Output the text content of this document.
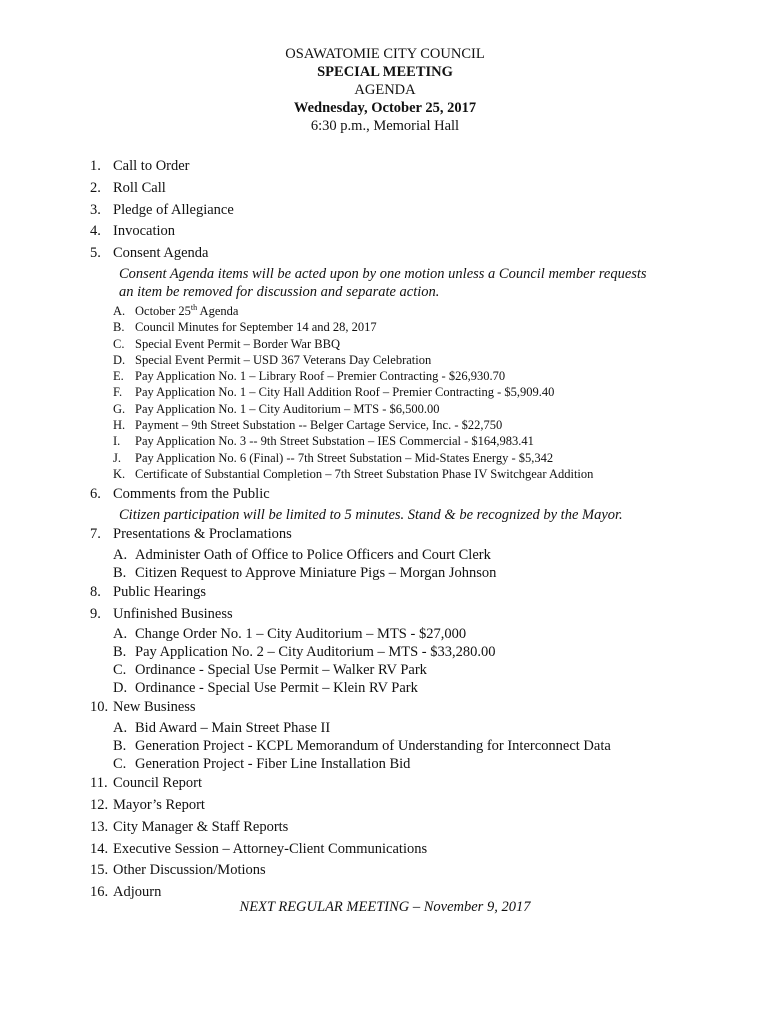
OSAWATOMIE CITY COUNCIL
SPECIAL MEETING
AGENDA
Wednesday, October 25, 2017
6:30 p.m., Memorial Hall
1. Call to Order
2. Roll Call
3. Pledge of Allegiance
4. Invocation
5. Consent Agenda
Consent Agenda items will be acted upon by one motion unless a Council member requests
an item be removed for discussion and separate action.
A. October 25th Agenda
B. Council Minutes for September 14 and 28, 2017
C. Special Event Permit – Border War BBQ
D. Special Event Permit – USD 367 Veterans Day Celebration
E. Pay Application No. 1 – Library Roof – Premier Contracting - $26,930.70
F.	Pay Application No. 1 – City Hall Addition Roof – Premier Contracting - $5,909.40
G. Pay Application No. 1 – City Auditorium – MTS - $6,500.00
H. Payment – 9th Street Substation -- Belger Cartage Service, Inc. - $22,750
I.	Pay Application No. 3 -- 9th Street Substation – IES Commercial - $164,983.41
J.	Pay Application No. 6 (Final) -- 7th Street Substation – Mid-States Energy - $5,342
K. Certificate of Substantial Completion – 7th Street Substation Phase IV Switchgear Addition
6. Comments from the Public
Citizen participation will be limited to 5 minutes. Stand & be recognized by the Mayor.
7. Presentations & Proclamations
A. Administer Oath of Office to Police Officers and Court Clerk
B. Citizen Request to Approve Miniature Pigs – Morgan Johnson
8. Public Hearings
9. Unfinished Business
A. Change Order No. 1 – City Auditorium – MTS - $27,000
B. Pay Application No. 2 – City Auditorium – MTS - $33,280.00
C. Ordinance - Special Use Permit – Walker RV Park
D. Ordinance - Special Use Permit – Klein RV Park
10. New Business
A. Bid Award – Main Street Phase II
B. Generation Project - KCPL Memorandum of Understanding for Interconnect Data
C. Generation Project - Fiber Line Installation Bid
11. Council Report
12. Mayor’s Report
13. City Manager & Staff Reports
14. Executive Session – Attorney-Client Communications
15. Other Discussion/Motions
16. Adjourn
NEXT REGULAR MEETING – November 9, 2017
